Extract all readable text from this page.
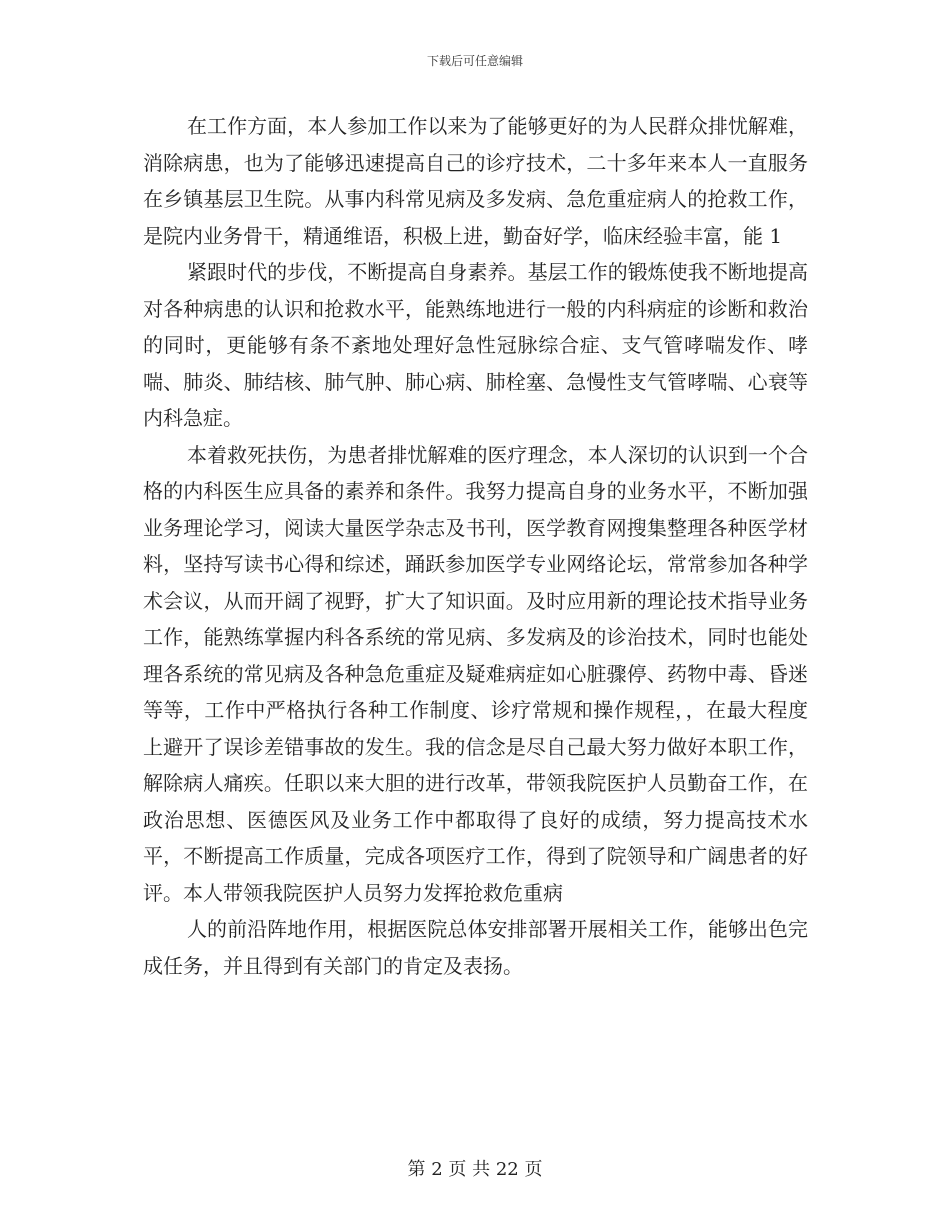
下载后可任意编辑

在工作方面，本人参加工作以来为了能够更好的为人民群众排忧解难，消除病患，也为了能够迅速提高自己的诊疗技术，二十多年来本人一直服务在乡镇基层卫生院。从事内科常见病及多发病、急危重症病人的抢救工作，是院内业务骨干，精通维语，积极上进，勤奋好学，临床经验丰富，能 1

紧跟时代的步伐，不断提高自身素养。基层工作的锻炼使我不断地提高对各种病患的认识和抢救水平，能熟练地进行一般的内科病症的诊断和救治的同时，更能够有条不紊地处理好急性冠脉综合症、支气管哮喘发作、哮喘、肺炎、肺结核、肺气肿、肺心病、肺栓塞、急慢性支气管哮喘、心衰等内科急症。

本着救死扶伤，为患者排忧解难的医疗理念，本人深切的认识到一个合格的内科医生应具备的素养和条件。我努力提高自身的业务水平，不断加强业务理论学习，阅读大量医学杂志及书刊，医学教育网搜集整理各种医学材料，坚持写读书心得和综述，踊跃参加医学专业网络论坛，常常参加各种学术会议，从而开阔了视野，扩大了知识面。及时应用新的理论技术指导业务工作，能熟练掌握内科各系统的常见病、多发病及的诊治技术，同时也能处理各系统的常见病及各种急危重症及疑难病症如心脏骤停、药物中毒、昏迷等等，工作中严格执行各种工作制度、诊疗常规和操作规程，，在最大程度上避开了误诊差错事故的发生。我的信念是尽自己最大努力做好本职工作，解除病人痛疾。任职以来大胆的进行改革，带领我院医护人员勤奋工作，在政治思想、医德医风及业务工作中都取得了良好的成绩，努力提高技术水平，不断提高工作质量，完成各项医疗工作，得到了院领导和广阔患者的好评。本人带领我院医护人员努力发挥抢救危重病

人的前沿阵地作用，根据医院总体安排部署开展相关工作，能够出色完成任务，并且得到有关部门的肯定及表扬。

第 2 页 共 22 页
